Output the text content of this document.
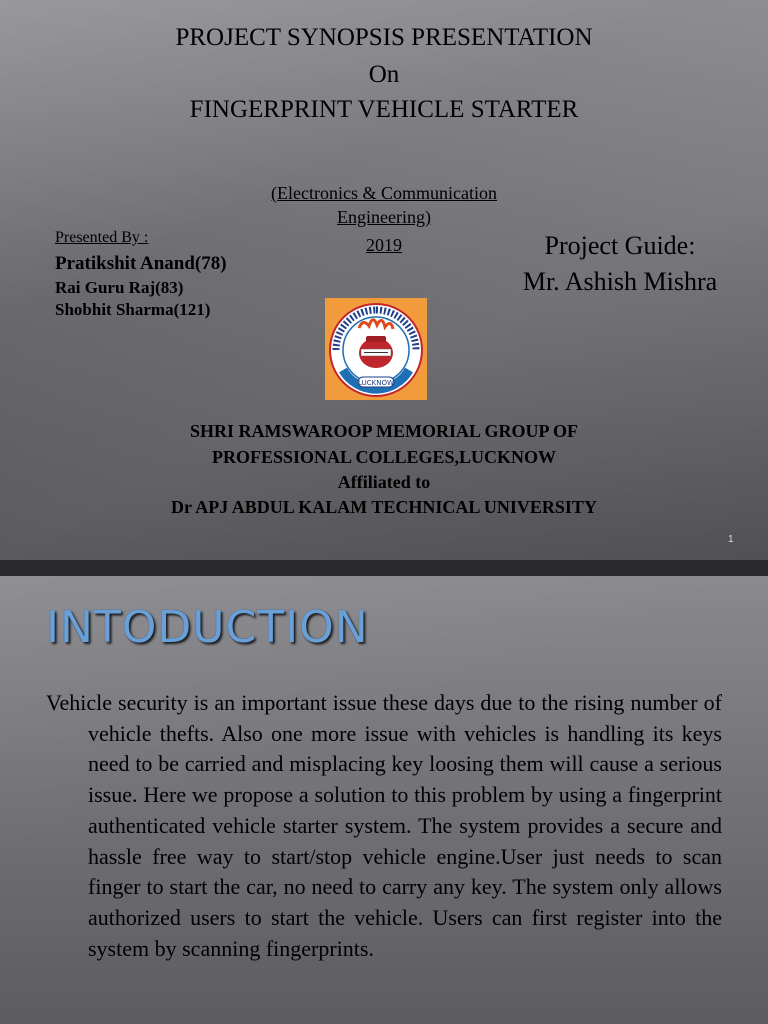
PROJECT SYNOPSIS PRESENTATION
On
FINGERPRINT VEHICLE STARTER
(Electronics & Communication
Engineering)
2019
Presented By :
Pratikshit Anand(78)
Rai Guru Raj(83)
Shobhit Sharma(121)
Project Guide:
Mr. Ashish Mishra
LUCKNOW
SHRI RAMSWAROOP MEMORIAL GROUP OF
PROFESSIONAL COLLEGES,LUCKNOW
Affiliated to
Dr APJ ABDUL KALAM TECHNICAL UNIVERSITY
1
INTODUCTION
Vehicle security is an important issue these days due to the rising number of vehicle thefts. Also one more issue with vehicles is handling its keys need to be carried and misplacing key loosing them will cause a serious issue. Here we propose a solution to this problem by using a fingerprint authenticated vehicle starter system. The system provides a secure and hassle free way to start/stop vehicle engine.User just needs to scan finger to start the car, no need to carry any key. The system only allows authorized users to start the vehicle. Users can first register into the system by scanning fingerprints.
